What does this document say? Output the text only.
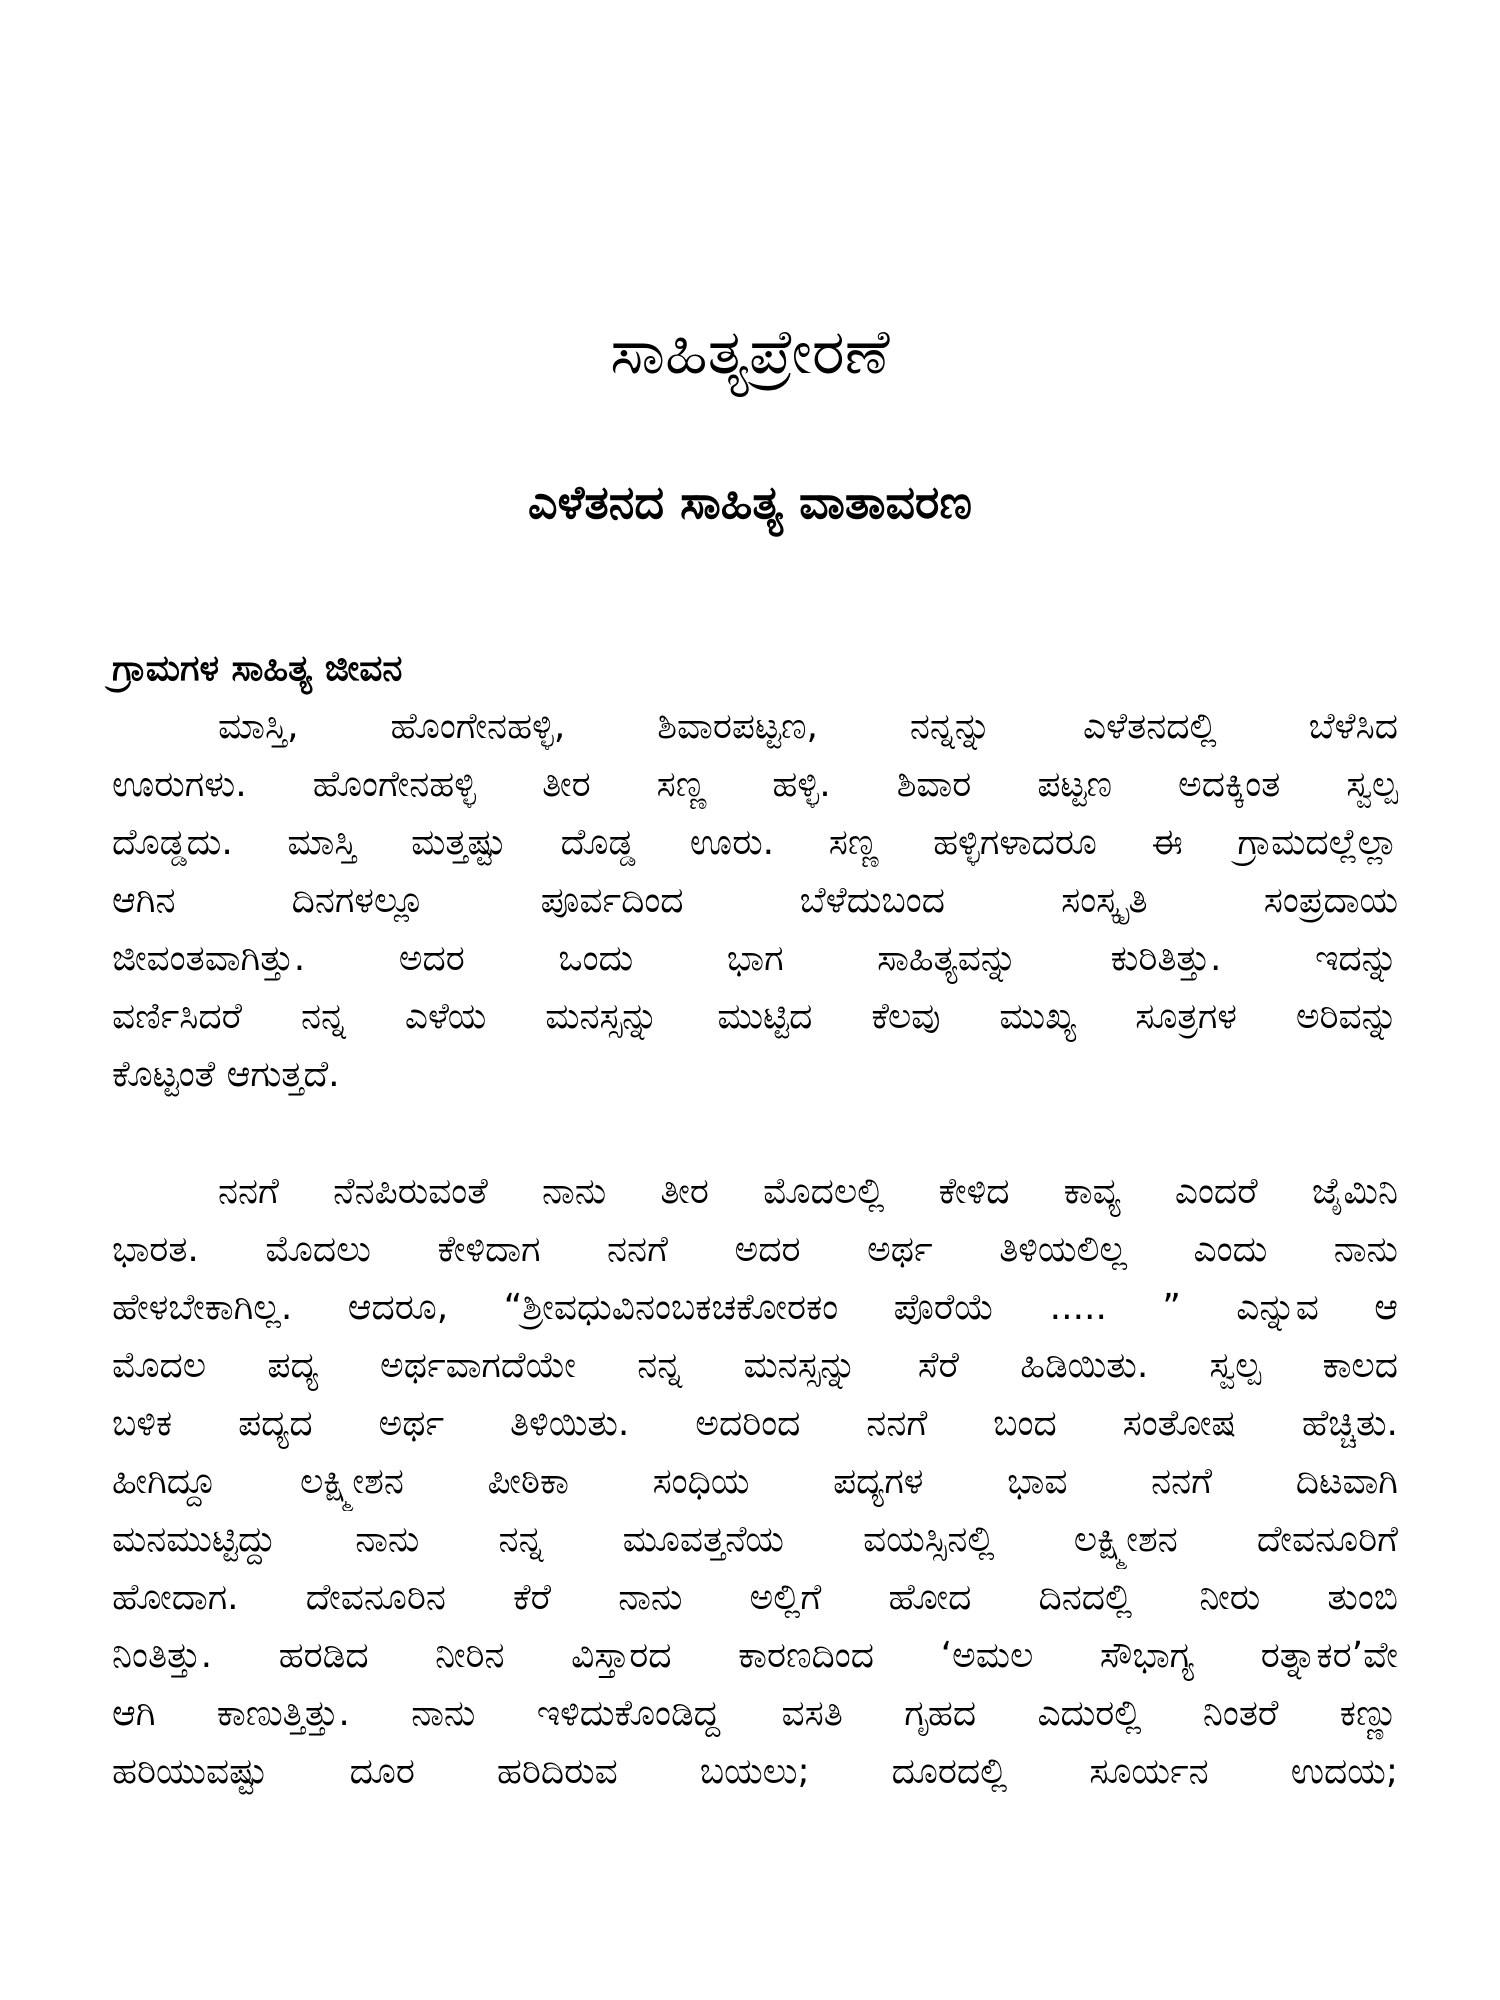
ಸಾಹಿತ್ಯಪ್ರೇರಣೆ
ಎಳೆತನದ ಸಾಹಿತ್ಯ ವಾತಾವರಣ
ಗ್ರಾಮಗಳ ಸಾಹಿತ್ಯ ಜೀವನ
ಮಾಸ್ತಿ, ಹೊಂಗೇನಹಳ್ಳಿ, ಶಿವಾರಪಟ್ಟಣ, ನನ್ನನ್ನು ಎಳೆತನದಲ್ಲಿ ಬೆಳೆಸಿದ
ಊರುಗಳು. ಹೊಂಗೇನಹಳ್ಳಿ ತೀರ ಸಣ್ಣ ಹಳ್ಳಿ. ಶಿವಾರ ಪಟ್ಟಣ ಅದಕ್ಕಿಂತ ಸ್ವಲ್ಪ
ದೊಡ್ಡದು. ಮಾಸ್ತಿ ಮತ್ತಷ್ಟು ದೊಡ್ಡ ಊರು. ಸಣ್ಣ ಹಳ್ಳಿಗಳಾದರೂ ಈ ಗ್ರಾಮದಲ್ಲೆಲ್ಲಾ
ಆಗಿನ ದಿನಗಳಲ್ಲೂ ಪೂರ್ವದಿಂದ ಬೆಳೆದುಬಂದ ಸಂಸ್ಕೃತಿ ಸಂಪ್ರದಾಯ
ಜೀವಂತವಾಗಿತ್ತು. ಅದರ ಒಂದು ಭಾಗ ಸಾಹಿತ್ಯವನ್ನು ಕುರಿತಿತ್ತು. ಇದನ್ನು
ವರ್ಣಿಸಿದರೆ ನನ್ನ ಎಳೆಯ ಮನಸ್ಸನ್ನು ಮುಟ್ಟಿದ ಕೆಲವು ಮುಖ್ಯ ಸೂತ್ರಗಳ ಅರಿವನ್ನು
ಕೊಟ್ಟಂತೆ ಆಗುತ್ತದೆ.
ನನಗೆ ನೆನಪಿರುವಂತೆ ನಾನು ತೀರ ಮೊದಲಲ್ಲಿ ಕೇಳಿದ ಕಾವ್ಯ ಎಂದರೆ ಜೈಮಿನಿ
ಭಾರತ. ಮೊದಲು ಕೇಳಿದಾಗ ನನಗೆ ಅದರ ಅರ್ಥ ತಿಳಿಯಲಿಲ್ಲ ಎಂದು ನಾನು
ಹೇಳಬೇಕಾಗಿಲ್ಲ. ಆದರೂ, “ಶ್ರೀವಧುವಿನಂಬಕಚಕೋರಕಂ ಪೊರೆಯೆ ..... ” ಎನ್ನುವ ಆ
ಮೊದಲ ಪದ್ಯ ಅರ್ಥವಾಗದೆಯೇ ನನ್ನ ಮನಸ್ಸನ್ನು ಸೆರೆ ಹಿಡಿಯಿತು. ಸ್ವಲ್ಪ ಕಾಲದ
ಬಳಿಕ ಪದ್ಯದ ಅರ್ಥ ತಿಳಿಯಿತು. ಅದರಿಂದ ನನಗೆ ಬಂದ ಸಂತೋಷ ಹೆಚ್ಚಿತು.
ಹೀಗಿದ್ದೂ ಲಕ್ಷ್ಮೀಶನ ಪೀಠಿಕಾ ಸಂಧಿಯ ಪದ್ಯಗಳ ಭಾವ ನನಗೆ ದಿಟವಾಗಿ
ಮನಮುಟ್ಟಿದ್ದು ನಾನು ನನ್ನ ಮೂವತ್ತನೆಯ ವಯಸ್ಸಿನಲ್ಲಿ ಲಕ್ಷ್ಮೀಶನ ದೇವನೂರಿಗೆ
ಹೋದಾಗ. ದೇವನೂರಿನ ಕೆರೆ ನಾನು ಅಲ್ಲಿಗೆ ಹೋದ ದಿನದಲ್ಲಿ ನೀರು ತುಂಬಿ
ನಿಂತಿತ್ತು. ಹರಡಿದ ನೀರಿನ ವಿಸ್ತಾರದ ಕಾರಣದಿಂದ ‘ಅಮಲ ಸೌಭಾಗ್ಯ ರತ್ನಾಕರ’ವೇ
ಆಗಿ ಕಾಣುತ್ತಿತ್ತು. ನಾನು ಇಳಿದುಕೊಂಡಿದ್ದ ವಸತಿ ಗೃಹದ ಎದುರಲ್ಲಿ ನಿಂತರೆ ಕಣ್ಣು
ಹರಿಯುವಷ್ಟು ದೂರ ಹರಿದಿರುವ ಬಯಲು; ದೂರದಲ್ಲಿ ಸೂರ್ಯನ ಉದಯ;
